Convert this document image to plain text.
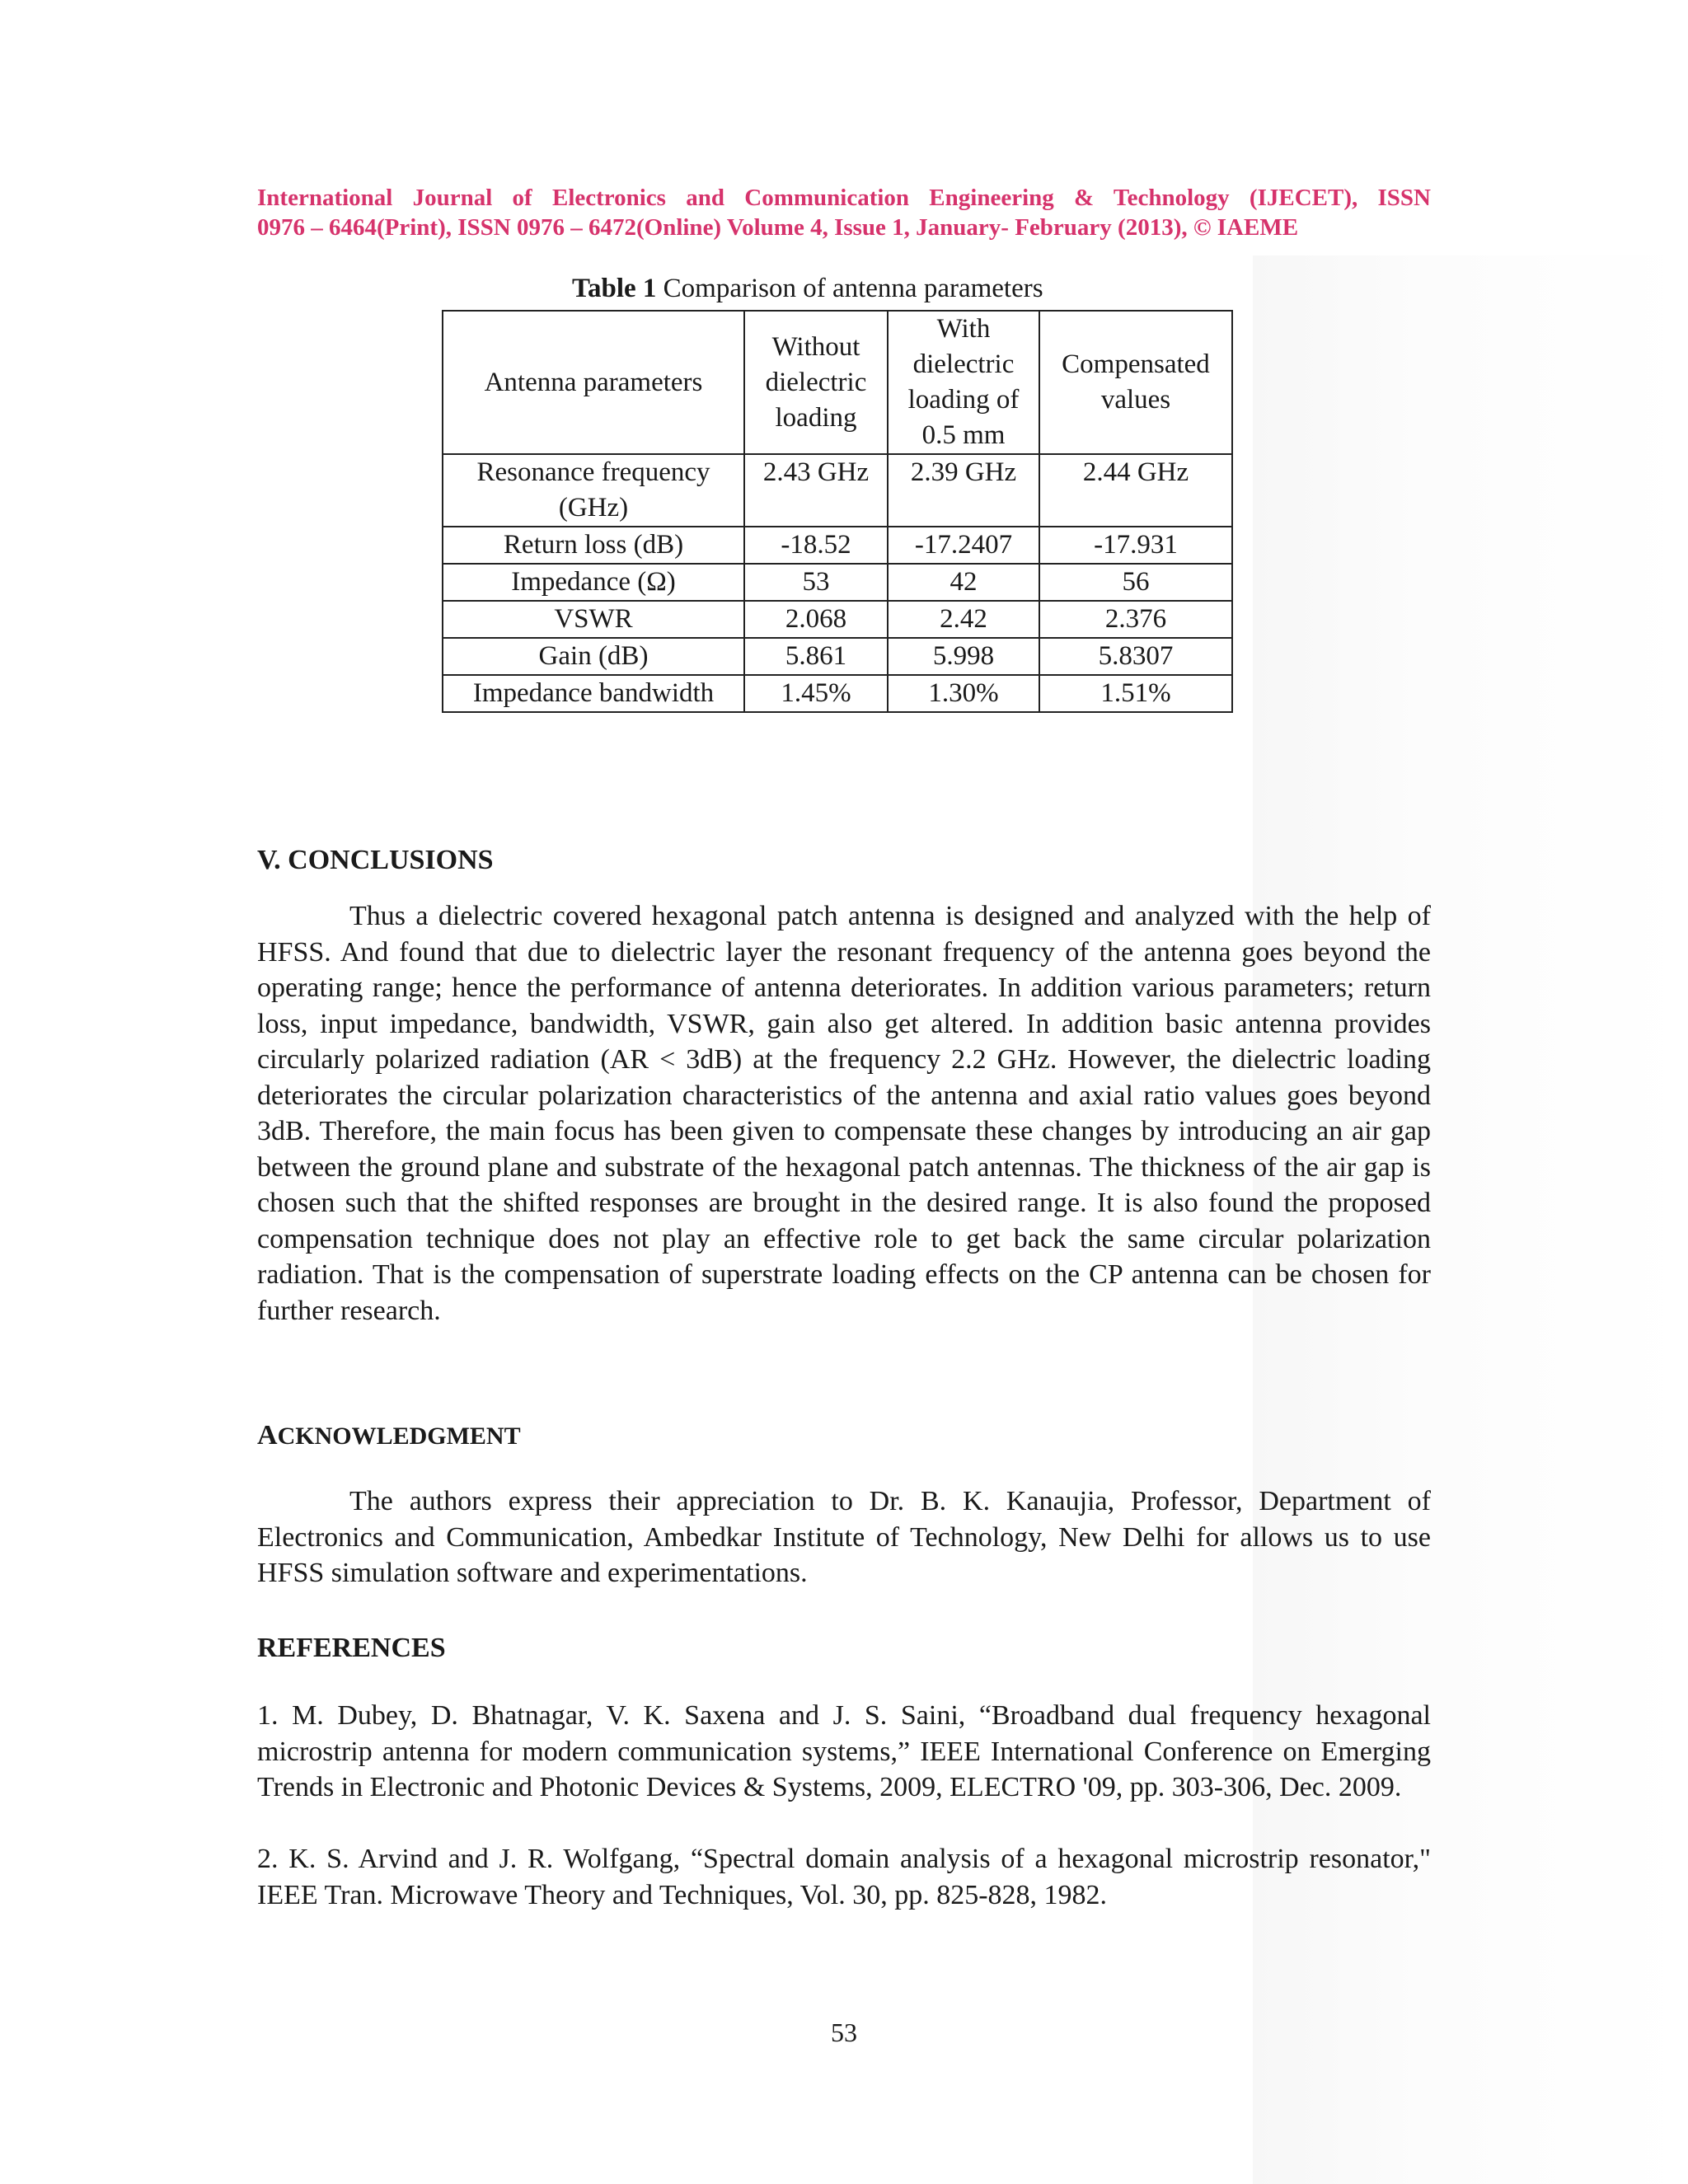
International Journal of Electronics and Communication Engineering & Technology (IJECET), ISSN
0976 – 6464(Print), ISSN 0976 – 6472(Online) Volume 4, Issue 1, January- February (2013), © IAEME
Table 1 Comparison of antenna parameters
Antenna parameters	Without dielectric loading	With dielectric loading of 0.5 mm	Compensated values
Resonance frequency (GHz)	2.43 GHz	2.39 GHz	2.44 GHz
Return loss (dB)	-18.52	-17.2407	-17.931
Impedance (Ω)	53	42	56
VSWR	2.068	2.42	2.376
Gain (dB)	5.861	5.998	5.8307
Impedance bandwidth	1.45%	1.30%	1.51%
V. CONCLUSIONS

Thus a dielectric covered hexagonal patch antenna is designed and analyzed with the help of HFSS. And found that due to dielectric layer the resonant frequency of the antenna goes beyond the operating range; hence the performance of antenna deteriorates. In addition various parameters; return loss, input impedance, bandwidth, VSWR, gain also get altered. In addition basic antenna provides circularly polarized radiation (AR < 3dB) at the frequency 2.2 GHz. However, the dielectric loading deteriorates the circular polarization characteristics of the antenna and axial ratio values goes beyond 3dB. Therefore, the main focus has been given to compensate these changes by introducing an air gap between the ground plane and substrate of the hexagonal patch antennas. The thickness of the air gap is chosen such that the shifted responses are brought in the desired range. It is also found the proposed compensation technique does not play an effective role to get back the same circular polarization radiation. That is the compensation of superstrate loading effects on the CP antenna can be chosen for further research.

ACKNOWLEDGMENT

The authors express their appreciation to Dr. B. K. Kanaujia, Professor, Department of Electronics and Communication, Ambedkar Institute of Technology, New Delhi for allows us to use HFSS simulation software and experimentations.

REFERENCES

1. M. Dubey, D. Bhatnagar, V. K. Saxena and J. S. Saini, “Broadband dual frequency hexagonal microstrip antenna for modern communication systems,” IEEE International Conference on Emerging Trends in Electronic and Photonic Devices & Systems, 2009, ELECTRO '09, pp. 303-306, Dec. 2009.

2. K. S. Arvind and J. R. Wolfgang, “Spectral domain analysis of a hexagonal microstrip resonator," IEEE Tran. Microwave Theory and Techniques, Vol. 30, pp. 825-828, 1982.

53
